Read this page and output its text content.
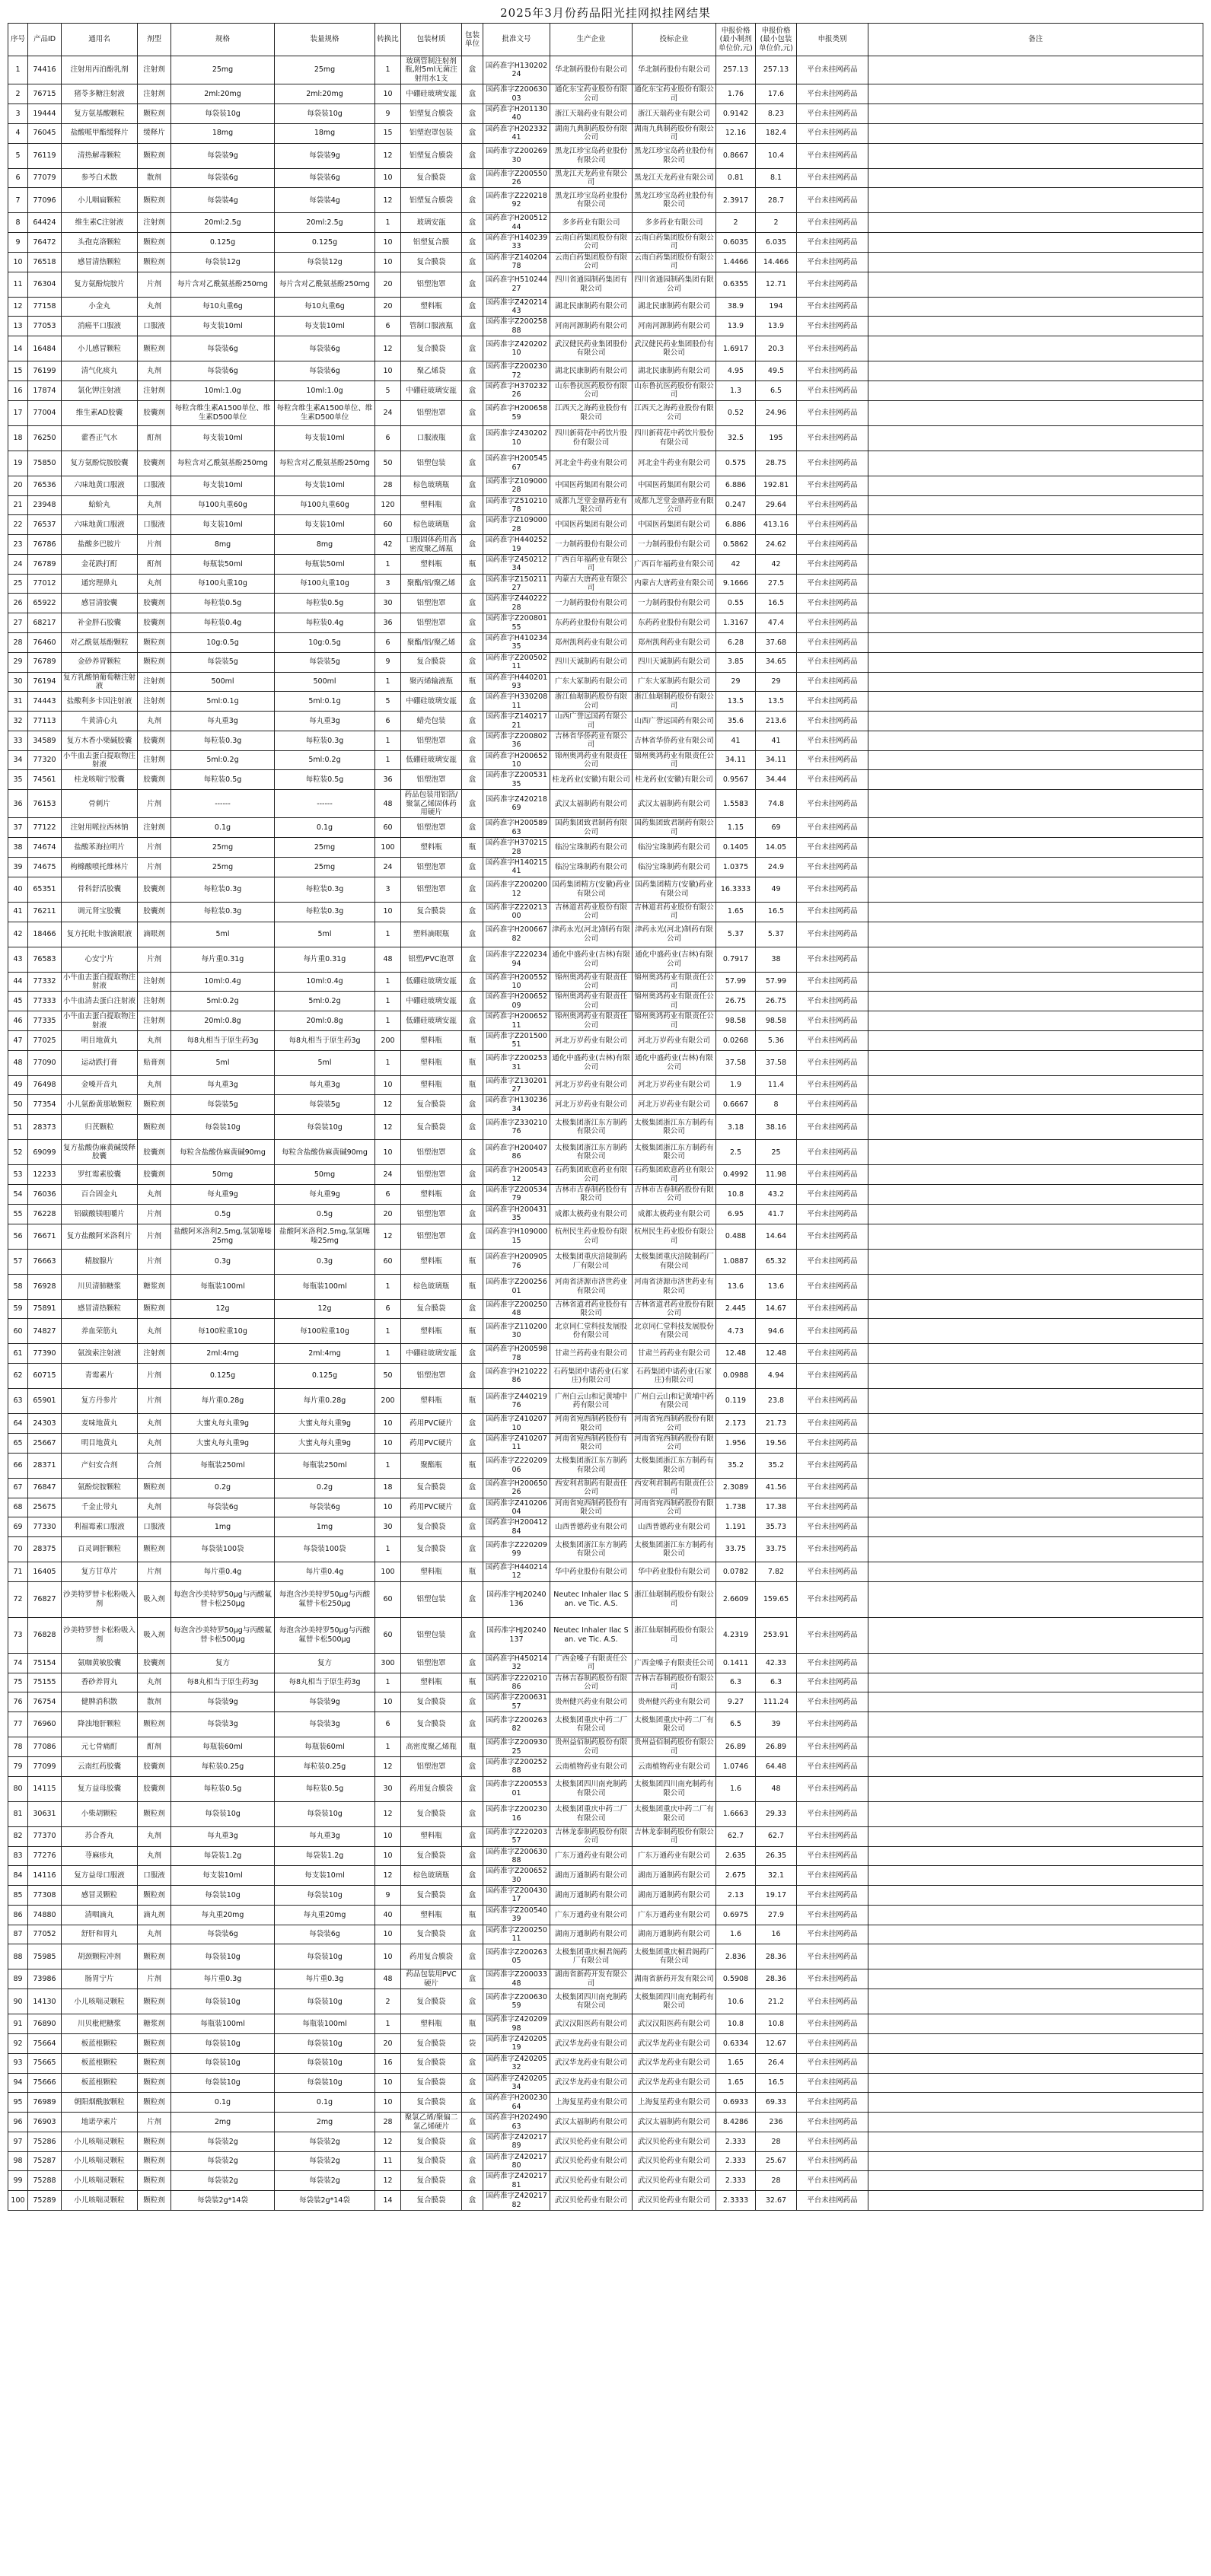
2025年3月份药品阳光挂网拟挂网结果
序号	产品ID	通用名	剂型	规格	装量规格	转换比	包装材质	包装单位	批准文号	生产企业	投标企业	申报价格(最小制剂单位价,元)	申报价格(最小包装单位价,元)	申报类别	备注
1	74416	注射用丙泊酚乳剂	注射剂	25mg	25mg	1	玻璃管制注射剂瓶,附5ml无菌注射用水1支	盒	国药准字H13020224	华北制药股份有限公司	华北制药股份有限公司	257.13	257.13	平台未挂网药品	
2	76715	猪苓多糖注射液	注射剂	2ml:20mg	2ml:20mg	10	中硼硅玻璃安瓿	盒	国药准字Z20063003	通化东宝药业股份有限公司	通化东宝药业股份有限公司	1.76	17.6	平台未挂网药品	
3	19444	复方氨基酸颗粒	颗粒剂	每袋装10g	每袋装10g	9	铝塑复合膜袋	盒	国药准字H20113040	浙江天瑞药业有限公司	浙江天瑞药业有限公司	0.9142	8.23	平台未挂网药品	
4	76045	盐酸哌甲酯缓释片	缓释片	18mg	18mg	15	铝塑泡罩包装	盒	国药准字H20233241	湖南九典制药股份有限公司	湖南九典制药股份有限公司	12.16	182.4	平台未挂网药品	
5	76119	清热解毒颗粒	颗粒剂	每袋装9g	每袋装9g	12	铝塑复合膜袋	盒	国药准字Z20026930	黑龙江珍宝岛药业股份有限公司	黑龙江珍宝岛药业股份有限公司	0.8667	10.4	平台未挂网药品	
6	77079	参芩白术散	散剂	每袋装6g	每袋装6g	10	复合膜袋	盒	国药准字Z20055026	黑龙江天龙药业有限公司	黑龙江天龙药业有限公司	0.81	8.1	平台未挂网药品	
7	77096	小儿咽扁颗粒	颗粒剂	每袋装4g	每袋装4g	12	铝塑复合膜袋	盒	国药准字Z22021892	黑龙江珍宝岛药业股份有限公司	黑龙江珍宝岛药业股份有限公司	2.3917	28.7	平台未挂网药品	
8	64424	维生素C注射液	注射剂	20ml:2.5g	20ml:2.5g	1	玻璃安瓿	盒	国药准字H20051244	多多药业有限公司	多多药业有限公司	2	2	平台未挂网药品	
9	76472	头孢克洛颗粒	颗粒剂	0.125g	0.125g	10	铝塑复合膜	盒	国药准字H14023933	云南白药集团股份有限公司	云南白药集团股份有限公司	0.6035	6.035	平台未挂网药品	
10	76518	感冒清热颗粒	颗粒剂	每袋装12g	每袋装12g	10	复合膜袋	盒	国药准字Z14020478	云南白药集团股份有限公司	云南白药集团股份有限公司	1.4466	14.466	平台未挂网药品	
11	76304	复方氨酚烷胺片	片剂	每片含对乙酰氨基酚250mg	每片含对乙酰氨基酚250mg	20	铝塑泡罩	盒	国药准字H51024427	四川省通园制药集团有限公司	四川省通园制药集团有限公司	0.6355	12.71	平台未挂网药品	
12	77158	小金丸	丸剂	每10丸重6g	每10丸重6g	20	塑料瓶	盒	国药准字Z42021443	湖北民康制药有限公司	湖北民康制药有限公司	38.9	194	平台未挂网药品	
13	77053	消癌平口服液	口服液	每支装10ml	每支装10ml	6	管制口服液瓶	盒	国药准字Z20025888	河南河源制药有限公司	河南河源制药有限公司	13.9	13.9	平台未挂网药品	
14	16484	小儿感冒颗粒	颗粒剂	每袋装6g	每袋装6g	12	复合膜袋	盒	国药准字Z42020210	武汉健民药业集团股份有限公司	武汉健民药业集团股份有限公司	1.6917	20.3	平台未挂网药品	
15	76199	清气化痰丸	丸剂	每袋装6g	每袋装6g	10	聚乙烯袋	盒	国药准字Z20023072	湖北民康制药有限公司	湖北民康制药有限公司	4.95	49.5	平台未挂网药品	
16	17874	氯化钾注射液	注射剂	10ml:1.0g	10ml:1.0g	5	中硼硅玻璃安瓿	盒	国药准字H37023226	山东鲁抗医药股份有限公司	山东鲁抗医药股份有限公司	1.3	6.5	平台未挂网药品	
17	77004	维生素AD胶囊	胶囊剂	每粒含维生素A1500单位、维生素D500单位	每粒含维生素A1500单位、维生素D500单位	24	铝塑泡罩	盒	国药准字H20065859	江西天之海药业股份有限公司	江西天之海药业股份有限公司	0.52	24.96	平台未挂网药品	
18	76250	藿香正气水	酊剂	每支装10ml	每支装10ml	6	口服液瓶	盒	国药准字Z43020210	四川新荷花中药饮片股份有限公司	四川新荷花中药饮片股份有限公司	32.5	195	平台未挂网药品	
19	75850	复方氨酚烷胺胶囊	胶囊剂	每粒含对乙酰氨基酚250mg	每粒含对乙酰氨基酚250mg	50	铝塑包装	盒	国药准字H20054567	河北金牛药业有限公司	河北金牛药业有限公司	0.575	28.75	平台未挂网药品	
20	76536	六味地黄口服液	口服液	每支装10ml	每支装10ml	28	棕色玻璃瓶	盒	国药准字Z10900028	中国医药集团有限公司	中国医药集团有限公司	6.886	192.81	平台未挂网药品	
21	23948	蛤蚧丸	丸剂	每100丸重60g	每100丸重60g	120	塑料瓶	盒	国药准字Z51021078	成都九芝堂金鼎药业有限公司	成都九芝堂金鼎药业有限公司	0.247	29.64	平台未挂网药品	
22	76537	六味地黄口服液	口服液	每支装10ml	每支装10ml	60	棕色玻璃瓶	盒	国药准字Z10900028	中国医药集团有限公司	中国医药集团有限公司	6.886	413.16	平台未挂网药品	
23	76786	盐酸多巴胺片	片剂	8mg	8mg	42	口服固体药用高密度聚乙烯瓶	盒	国药准字H44025219	一力制药股份有限公司	一力制药股份有限公司	0.5862	24.62	平台未挂网药品	
24	76789	金花跌打酊	酊剂	每瓶装50ml	每瓶装50ml	1	塑料瓶	瓶	国药准字Z45021234	广西百年福药业有限公司	广西百年福药业有限公司	42	42	平台未挂网药品	
25	77012	通窍理鼻丸	丸剂	每100丸重10g	每100丸重10g	3	聚酯/铝/聚乙烯	盒	国药准字Z15021127	内蒙古大唐药业有限公司	内蒙古大唐药业有限公司	9.1666	27.5	平台未挂网药品	
26	65922	感冒清胶囊	胶囊剂	每粒装0.5g	每粒装0.5g	30	铝塑泡罩	盒	国药准字Z44022228	一力制药股份有限公司	一力制药股份有限公司	0.55	16.5	平台未挂网药品	
27	68217	补金胖石胶囊	胶囊剂	每粒装0.4g	每粒装0.4g	36	铝塑泡罩	盒	国药准字Z20080155	东药药业股份有限公司	东药药业股份有限公司	1.3167	47.4	平台未挂网药品	
28	76460	对乙酰氨基酚颗粒	颗粒剂	10g:0.5g	10g:0.5g	6	聚酯/铝/聚乙烯	盒	国药准字H41023435	郑州凯利药业有限公司	郑州凯利药业有限公司	6.28	37.68	平台未挂网药品	
29	76789	金砂养胃颗粒	颗粒剂	每袋装5g	每袋装5g	9	复合膜袋	盒	国药准字Z20050211	四川天诚制药有限公司	四川天诚制药有限公司	3.85	34.65	平台未挂网药品	
30	76194	复方乳酸钠葡萄糖注射液	注射剂	500ml	500ml	1	聚丙烯输液瓶	瓶	国药准字H44020193	广东大冢制药有限公司	广东大冢制药有限公司	29	29	平台未挂网药品	
31	74443	盐酸利多卡因注射液	注射剂	5ml:0.1g	5ml:0.1g	5	中硼硅玻璃安瓿	盒	国药准字H33020811	浙江仙琚制药股份有限公司	浙江仙琚制药股份有限公司	13.5	13.5	平台未挂网药品	
32	77113	牛黄清心丸	丸剂	每丸重3g	每丸重3g	6	蜡壳包装	盒	国药准字Z14021721	山西广誉远国药有限公司	山西广誉远国药有限公司	35.6	213.6	平台未挂网药品	
33	34589	复方木香小檗碱胶囊	胶囊剂	每粒装0.3g	每粒装0.3g	1	铝塑泡罩	盒	国药准字Z20080236	吉林省华侨药业有限公司	吉林省华侨药业有限公司	41	41	平台未挂网药品	
34	77320	小牛血去蛋白提取物注射液	注射剂	5ml:0.2g	5ml:0.2g	1	低硼硅玻璃安瓿	盒	国药准字H20065210	锦州奥鸿药业有限责任公司	锦州奥鸿药业有限责任公司	34.11	34.11	平台未挂网药品	
35	74561	桂龙咳喘宁胶囊	胶囊剂	每粒装0.5g	每粒装0.5g	36	铝塑泡罩	盒	国药准字Z20053135	桂龙药业(安徽)有限公司	桂龙药业(安徽)有限公司	0.9567	34.44	平台未挂网药品	
36	76153	骨刺片	片剂	------	------	48	药品包装用铝箔/聚氯乙烯固体药用硬片	盒	国药准字Z42021869	武汉太福制药有限公司	武汉太福制药有限公司	1.5583	74.8	平台未挂网药品	
37	77122	注射用哌拉西林钠	注射剂	0.1g	0.1g	60	铝塑泡罩	盒	国药准字H20058963	国药集团致君制药有限公司	国药集团致君制药有限公司	1.15	69	平台未挂网药品	
38	74674	盐酸苯海拉明片	片剂	25mg	25mg	100	塑料瓶	瓶	国药准字H37021528	临汾宝珠制药有限公司	临汾宝珠制药有限公司	0.1405	14.05	平台未挂网药品	
39	74675	枸橼酸喷托维林片	片剂	25mg	25mg	24	铝塑泡罩	盒	国药准字H14021541	临汾宝珠制药有限公司	临汾宝珠制药有限公司	1.0375	24.9	平台未挂网药品	
40	65351	骨科舒活胶囊	胶囊剂	每粒装0.3g	每粒装0.3g	3	铝塑泡罩	盒	国药准字Z20020012	国药集团精方(安徽)药业有限公司	国药集团精方(安徽)药业有限公司	16.3333	49	平台未挂网药品	
41	76211	调元肾宝胶囊	胶囊剂	每粒装0.3g	每粒装0.3g	10	复合膜袋	盒	国药准字Z22021300	吉林道君药业股份有限公司	吉林道君药业股份有限公司	1.65	16.5	平台未挂网药品	
42	18466	复方托吡卡胺滴眼液	滴眼剂	5ml	5ml	1	塑料滴眼瓶	盒	国药准字H20066782	津药永光(河北)制药有限公司	津药永光(河北)制药有限公司	5.37	5.37	平台未挂网药品	
43	76583	心安宁片	片剂	每片重0.31g	每片重0.31g	48	铝塑/PVC泡罩	盒	国药准字Z22023494	通化中盛药业(吉林)有限公司	通化中盛药业(吉林)有限公司	0.7917	38	平台未挂网药品	
44	77332	小牛血去蛋白提取物注射液	注射剂	10ml:0.4g	10ml:0.4g	1	低硼硅玻璃安瓿	盒	国药准字H20055210	锦州奥鸿药业有限责任公司	锦州奥鸿药业有限责任公司	57.99	57.99	平台未挂网药品	
45	77333	小牛血清去蛋白注射液	注射剂	5ml:0.2g	5ml:0.2g	1	中硼硅玻璃安瓿	盒	国药准字H20065209	锦州奥鸿药业有限责任公司	锦州奥鸿药业有限责任公司	26.75	26.75	平台未挂网药品	
46	77335	小牛血去蛋白提取物注射液	注射剂	20ml:0.8g	20ml:0.8g	1	低硼硅玻璃安瓿	盒	国药准字H20065211	锦州奥鸿药业有限责任公司	锦州奥鸿药业有限责任公司	98.58	98.58	平台未挂网药品	
47	77025	明目地黄丸	丸剂	每8丸相当于原生药3g	每8丸相当于原生药3g	200	塑料瓶	瓶	国药准字Z20150051	河北万岁药业有限公司	河北万岁药业有限公司	0.0268	5.36	平台未挂网药品	
48	77090	运动跌打膏	贴膏剂	5ml	5ml	1	塑料瓶	瓶	国药准字Z20025331	通化中盛药业(吉林)有限公司	通化中盛药业(吉林)有限公司	37.58	37.58	平台未挂网药品	
49	76498	金嗓开音丸	丸剂	每丸重3g	每丸重3g	10	塑料瓶	瓶	国药准字Z13020127	河北万岁药业有限公司	河北万岁药业有限公司	1.9	11.4	平台未挂网药品	
50	77354	小儿氨酚黄那敏颗粒	颗粒剂	每袋装5g	每袋装5g	12	复合膜袋	盒	国药准字H13023634	河北万岁药业有限公司	河北万岁药业有限公司	0.6667	8	平台未挂网药品	
51	28373	归芪颗粒	颗粒剂	每袋装10g	每袋装10g	12	复合膜袋	盒	国药准字Z33021076	太极集团浙江东方制药有限公司	太极集团浙江东方制药有限公司	3.18	38.16	平台未挂网药品	
52	69099	复方盐酸伪麻黄碱缓释胶囊	胶囊剂	每粒含盐酸伪麻黄碱90mg	每粒含盐酸伪麻黄碱90mg	10	铝塑泡罩	盒	国药准字H20040786	太极集团浙江东方制药有限公司	太极集团浙江东方制药有限公司	2.5	25	平台未挂网药品	
53	12233	罗红霉素胶囊	胶囊剂	50mg	50mg	24	铝塑泡罩	盒	国药准字H20054312	石药集团欧意药业有限公司	石药集团欧意药业有限公司	0.4992	11.98	平台未挂网药品	
54	76036	百合固金丸	丸剂	每丸重9g	每丸重9g	6	塑料瓶	盒	国药准字Z20053479	吉林市吉春制药股份有限公司	吉林市吉春制药股份有限公司	10.8	43.2	平台未挂网药品	
55	76228	铝碳酸镁咀嚼片	片剂	0.5g	0.5g	20	铝塑泡罩	盒	国药准字H20043135	成都太极药业有限公司	成都太极药业有限公司	6.95	41.7	平台未挂网药品	
56	76671	复方盐酸阿米洛利片	片剂	盐酸阿米洛利2.5mg,氢氯噻嗪25mg	盐酸阿米洛利2.5mg,氢氯噻嗪25mg	12	铝塑泡罩	盒	国药准字H10900015	杭州民生药业股份有限公司	杭州民生药业股份有限公司	0.488	14.64	平台未挂网药品	
57	76663	精胺腺片	片剂	0.3g	0.3g	60	塑料瓶	瓶	国药准字H20090576	太极集团重庆涪陵制药厂有限公司	太极集团重庆涪陵制药厂有限公司	1.0887	65.32	平台未挂网药品	
58	76928	川贝清肺糖浆	糖浆剂	每瓶装100ml	每瓶装100ml	1	棕色玻璃瓶	瓶	国药准字Z20025601	河南省济源市济世药业有限公司	河南省济源市济世药业有限公司	13.6	13.6	平台未挂网药品	
59	75891	感冒清热颗粒	颗粒剂	12g	12g	6	复合膜袋	盒	国药准字Z20025048	吉林省道君药业股份有限公司	吉林省道君药业股份有限公司	2.445	14.67	平台未挂网药品	
60	74827	养血荣筋丸	丸剂	每100粒重10g	每100粒重10g	1	塑料瓶	瓶	国药准字Z11020030	北京同仁堂科技发展股份有限公司	北京同仁堂科技发展股份有限公司	4.73	94.6	平台未挂网药品	
61	77390	氨溴索注射液	注射剂	2ml:4mg	2ml:4mg	1	中硼硅玻璃安瓿	盒	国药准字H20059878	甘肃兰药药业有限公司	甘肃兰药药业有限公司	12.48	12.48	平台未挂网药品	
62	60715	青霉素片	片剂	0.125g	0.125g	50	铝塑泡罩	盒	国药准字H21022286	石药集团中诺药业(石家庄)有限公司	石药集团中诺药业(石家庄)有限公司	0.0988	4.94	平台未挂网药品	
63	65901	复方丹参片	片剂	每片重0.28g	每片重0.28g	200	塑料瓶	瓶	国药准字Z44021976	广州白云山和记黄埔中药有限公司	广州白云山和记黄埔中药有限公司	0.119	23.8	平台未挂网药品	
64	24303	麦味地黄丸	丸剂	大蜜丸每丸重9g	大蜜丸每丸重9g	10	药用PVC硬片	盒	国药准字Z41020710	河南省宛西制药股份有限公司	河南省宛西制药股份有限公司	2.173	21.73	平台未挂网药品	
65	25667	明目地黄丸	丸剂	大蜜丸每丸重9g	大蜜丸每丸重9g	10	药用PVC硬片	盒	国药准字Z41020711	河南省宛西制药股份有限公司	河南省宛西制药股份有限公司	1.956	19.56	平台未挂网药品	
66	28371	产妇安合剂	合剂	每瓶装250ml	每瓶装250ml	1	聚酯瓶	瓶	国药准字Z22020906	太极集团浙江东方制药有限公司	太极集团浙江东方制药有限公司	35.2	35.2	平台未挂网药品	
67	76847	氨酚烷胺颗粒	颗粒剂	0.2g	0.2g	18	复合膜袋	盒	国药准字H20065026	西安利君制药有限责任公司	西安利君制药有限责任公司	2.3089	41.56	平台未挂网药品	
68	25675	千金止带丸	丸剂	每袋装6g	每袋装6g	10	药用PVC硬片	盒	国药准字Z41020604	河南省宛西制药股份有限公司	河南省宛西制药股份有限公司	1.738	17.38	平台未挂网药品	
69	77330	利福霉素口服液	口服液	1mg	1mg	30	复合膜袋	盒	国药准字H20041284	山西普德药业有限公司	山西普德药业有限公司	1.191	35.73	平台未挂网药品	
70	28375	百灵调肝颗粒	颗粒剂	每袋装100袋	每袋装100袋	1	复合膜袋	盒	国药准字Z22020999	太极集团浙江东方制药有限公司	太极集团浙江东方制药有限公司	33.75	33.75	平台未挂网药品	
71	16405	复方甘草片	片剂	每片重0.4g	每片重0.4g	100	塑料瓶	瓶	国药准字H44021412	华中药业股份有限公司	华中药业股份有限公司	0.0782	7.82	平台未挂网药品	
72	76827	沙美特罗替卡松粉吸入剂	吸入剂	每泡含沙美特罗50μg与丙酸氟替卡松250μg	每泡含沙美特罗50μg与丙酸氟替卡松250μg	60	铝塑包装	盒	国药准字HJ20240136	Neutec Inhaler Ilac San. ve Tic. A.S.	浙江仙琚制药股份有限公司	2.6609	159.65	平台未挂网药品	
73	76828	沙美特罗替卡松粉吸入剂	吸入剂	每泡含沙美特罗50μg与丙酸氟替卡松500μg	每泡含沙美特罗50μg与丙酸氟替卡松500μg	60	铝塑包装	盒	国药准字HJ20240137	Neutec Inhaler Ilac San. ve Tic. A.S.	浙江仙琚制药股份有限公司	4.2319	253.91	平台未挂网药品	
74	75154	氨咖黄敏胶囊	胶囊剂	复方	复方	300	铝塑泡罩	盒	国药准字H45021432	广西金嗓子有限责任公司	广西金嗓子有限责任公司	0.1411	42.33	平台未挂网药品	
75	75155	香砂养胃丸	丸剂	每8丸相当于原生药3g	每8丸相当于原生药3g	1	塑料瓶	瓶	国药准字Z22021086	吉林吉春制药股份有限公司	吉林吉春制药股份有限公司	6.3	6.3	平台未挂网药品	
76	76754	健脾消积散	散剂	每袋装9g	每袋装9g	10	复合膜袋	盒	国药准字Z20063157	贵州健兴药业有限公司	贵州健兴药业有限公司	9.27	111.24	平台未挂网药品	
77	76960	降浊地肝颗粒	颗粒剂	每袋装3g	每袋装3g	6	复合膜袋	盒	国药准字Z20026382	太极集团重庆中药二厂有限公司	太极集团重庆中药二厂有限公司	6.5	39	平台未挂网药品	
78	77086	元七骨痛酊	酊剂	每瓶装60ml	每瓶装60ml	1	高密度聚乙烯瓶	瓶	国药准字Z20093025	贵州益佰制药股份有限公司	贵州益佰制药股份有限公司	26.89	26.89	平台未挂网药品	
79	77099	云南红药胶囊	胶囊剂	每粒装0.25g	每粒装0.25g	12	铝塑泡罩	盒	国药准字Z20025288	云南植物药业有限公司	云南植物药业有限公司	1.0746	64.48	平台未挂网药品	
80	14115	复方益母胶囊	胶囊剂	每粒装0.5g	每粒装0.5g	30	药用复合膜袋	盒	国药准字Z20055301	太极集团四川南充制药有限公司	太极集团四川南充制药有限公司	1.6	48	平台未挂网药品	
81	30631	小柴胡颗粒	颗粒剂	每袋装10g	每袋装10g	12	复合膜袋	盒	国药准字Z20023016	太极集团重庆中药二厂有限公司	太极集团重庆中药二厂有限公司	1.6663	29.33	平台未挂网药品	
82	77370	苏合香丸	丸剂	每丸重3g	每丸重3g	10	塑料瓶	盒	国药准字Z22020357	吉林龙泰制药股份有限公司	吉林龙泰制药股份有限公司	62.7	62.7	平台未挂网药品	
83	77276	荨麻疹丸	丸剂	每袋装1.2g	每袋装1.2g	10	复合膜袋	盒	国药准字Z20063088	广东万通药业有限公司	广东万通药业有限公司	2.635	26.35	平台未挂网药品	
84	14116	复方益母口服液	口服液	每支装10ml	每支装10ml	12	棕色玻璃瓶	盒	国药准字Z20065230	湖南万通制药有限公司	湖南万通制药有限公司	2.675	32.1	平台未挂网药品	
85	77308	感冒灵颗粒	颗粒剂	每袋装10g	每袋装10g	9	复合膜袋	盒	国药准字Z20043017	湖南万通制药有限公司	湖南万通制药有限公司	2.13	19.17	平台未挂网药品	
86	74880	清咽滴丸	滴丸剂	每丸重20mg	每丸重20mg	40	塑料瓶	瓶	国药准字Z20054039	广东万通药业有限公司	广东万通药业有限公司	0.6975	27.9	平台未挂网药品	
87	77052	舒肝和胃丸	丸剂	每袋装6g	每袋装6g	10	复合膜袋	盒	国药准字Z20025011	湖南万通制药有限公司	湖南万通制药有限公司	1.6	16	平台未挂网药品	
88	75985	胡颈颗粒冲剂	颗粒剂	每袋装10g	每袋装10g	10	药用复合膜袋	盒	国药准字Z20026305	太极集团重庆桐君阁药厂有限公司	太极集团重庆桐君阁药厂有限公司	2.836	28.36	平台未挂网药品	
89	73986	肠胃宁片	片剂	每片重0.3g	每片重0.3g	48	药品包装用PVC硬片	盒	国药准字Z20003348	湖南省新药开发有限公司	湖南省新药开发有限公司	0.5908	28.36	平台未挂网药品	
90	14130	小儿咳喘灵颗粒	颗粒剂	每袋装10g	每袋装10g	2	复合膜袋	盒	国药准字Z20063059	太极集团四川南充制药有限公司	太极集团四川南充制药有限公司	10.6	21.2	平台未挂网药品	
91	76890	川贝枇杷糖浆	糖浆剂	每瓶装100ml	每瓶装100ml	1	塑料瓶	瓶	国药准字Z42020998	武汉汉阳医药有限公司	武汉汉阳医药有限公司	10.8	10.8	平台未挂网药品	
92	75664	板蓝根颗粒	颗粒剂	每袋装10g	每袋装10g	20	复合膜袋	袋	国药准字Z42020519	武汉华龙药业有限公司	武汉华龙药业有限公司	0.6334	12.67	平台未挂网药品	
93	75665	板蓝根颗粒	颗粒剂	每袋装10g	每袋装10g	16	复合膜袋	盒	国药准字Z42020532	武汉华龙药业有限公司	武汉华龙药业有限公司	1.65	26.4	平台未挂网药品	
94	75666	板蓝根颗粒	颗粒剂	每袋装10g	每袋装10g	10	复合膜袋	盒	国药准字Z42020534	武汉华龙药业有限公司	武汉华龙药业有限公司	1.65	16.5	平台未挂网药品	
95	76989	朝阳烟酰胺颗粒	颗粒剂	0.1g	0.1g	10	复合膜袋	盒	国药准字H20023064	上海复星药业有限公司	上海复星药业有限公司	0.6933	69.33	平台未挂网药品	
96	76903	地诺孕素片	片剂	2mg	2mg	28	聚氯乙烯/聚偏二氯乙烯硬片	盒	国药准字H20249063	武汉太福制药有限公司	武汉太福制药有限公司	8.4286	236	平台未挂网药品	
97	75286	小儿咳喘灵颗粒	颗粒剂	每袋装2g	每袋装2g	12	复合膜袋	盒	国药准字Z42021789	武汉贝伦药业有限公司	武汉贝伦药业有限公司	2.333	28	平台未挂网药品	
98	75287	小儿咳喘灵颗粒	颗粒剂	每袋装2g	每袋装2g	11	复合膜袋	盒	国药准字Z42021780	武汉贝伦药业有限公司	武汉贝伦药业有限公司	2.333	25.67	平台未挂网药品	
99	75288	小儿咳喘灵颗粒	颗粒剂	每袋装2g	每袋装2g	12	复合膜袋	盒	国药准字Z42021781	武汉贝伦药业有限公司	武汉贝伦药业有限公司	2.333	28	平台未挂网药品	
100	75289	小儿咳喘灵颗粒	颗粒剂	每袋装2g*14袋	每袋装2g*14袋	14	复合膜袋	盒	国药准字Z42021782	武汉贝伦药业有限公司	武汉贝伦药业有限公司	2.3333	32.67	平台未挂网药品	
